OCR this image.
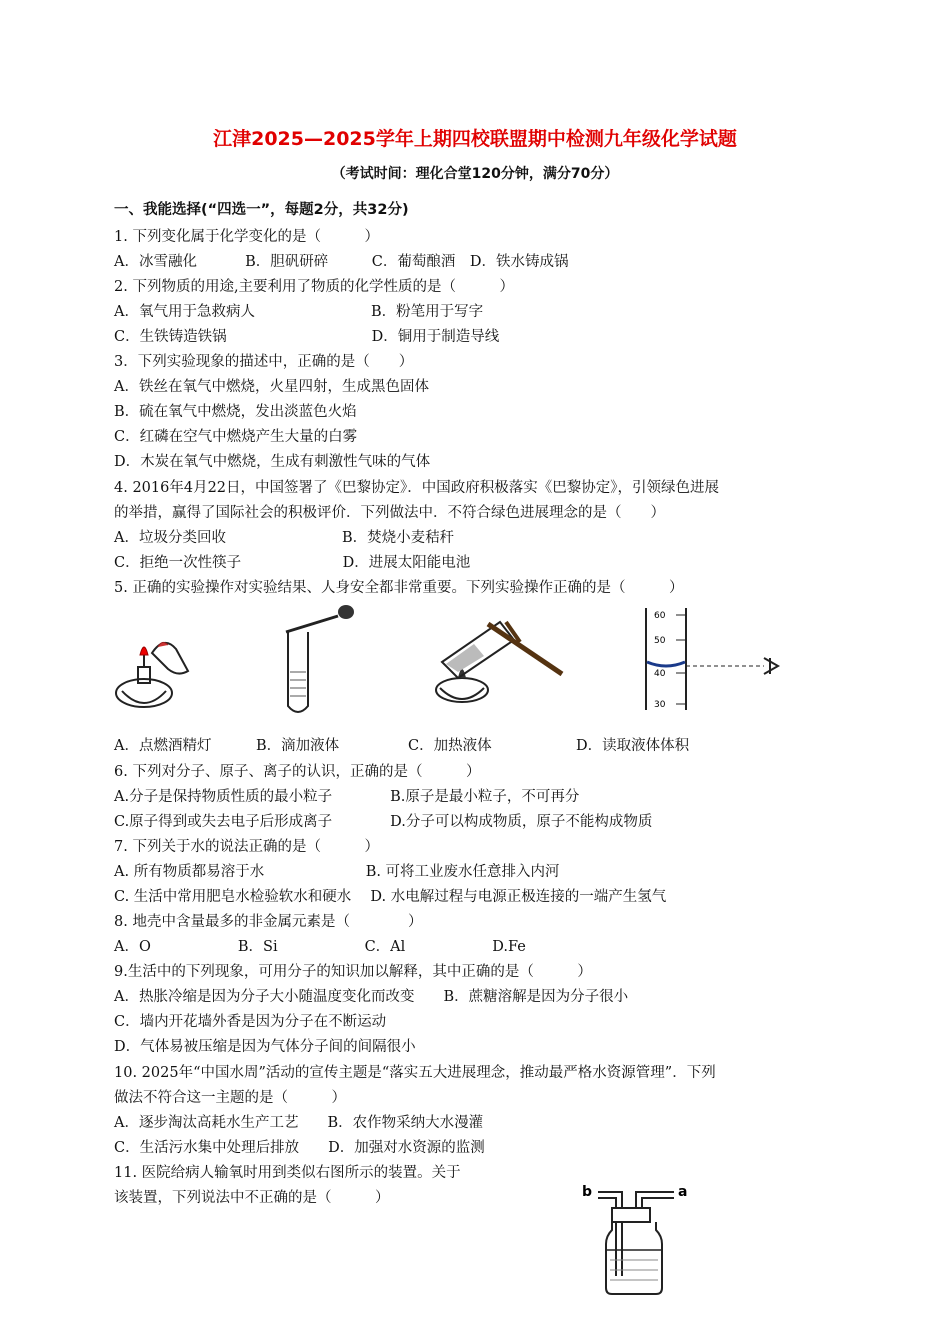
江津2025—2025学年上期四校联盟期中检测九年级化学试题
（考试时间：理化合堂120分钟，满分70分）
一、我能选择(“四选一”，每题2分，共32分)
1. 下列变化属于化学变化的是（　　　）
A．冰雪融化　　　 B．胆矾研碎　　　C．葡萄酿酒　D．铁水铸成锅
2. 下列物质的用途,主要利用了物质的化学性质的是（　　　）
A．氧气用于急救病人　　　　　　　　B．粉笔用于写字
C．生铁铸造铁锅　　　　　　　　　　D．铜用于制造导线
3．下列实验现象的描述中，正确的是（　　）
A．铁丝在氧气中燃烧，火星四射，生成黑色固体
B．硫在氧气中燃烧，发出淡蓝色火焰
C．红磷在空气中燃烧产生大量的白雾
D．木炭在氧气中燃烧，生成有刺激性气味的气体
4. 2016年4月22日，中国签署了《巴黎协定》．中国政府积极落实《巴黎协定》，引领绿色进展
的举措，赢得了国际社会的积极评价．下列做法中．不符合绿色进展理念的是（　　）
A．垃圾分类回收　　　　　　　　B．焚烧小麦秸秆
C．拒绝一次性筷子　　　　　　　D．进展太阳能电池
5. 正确的实验操作对实验结果、人身安全都非常重要。下列实验操作正确的是（　　　）
60
50
40
30
A．点燃酒精灯	B．滴加液体	C．加热液体	D．读取液体体积
6. 下列对分子、原子、离子的认识，正确的是（　　　）
A.分子是保持物质性质的最小粒子　　　　B.原子是最小粒子，不可再分
C.原子得到或失去电子后形成离子　　　　D.分子可以构成物质，原子不能构成物质
7. 下列关于水的说法正确的是（　　　）
A. 所有物质都易溶于水　　　　　　　B. 可将工业废水任意排入内河
C. 生活中常用肥皂水检验软水和硬水　 D. 水电解过程与电源正极连接的一端产生氢气
8. 地壳中含量最多的非金属元素是（　　　　）
A．O　　　　　　B．Si　　　　　　C．Al　　　　　　D.Fe
9.生活中的下列现象，可用分子的知识加以解释，其中正确的是（　　　）
A．热胀冷缩是因为分子大小随温度变化而改变　　B．蔗糖溶解是因为分子很小
C．墙内开花墙外香是因为分子在不断运动
D．气体易被压缩是因为气体分子间的间隔很小
10. 2025年“中国水周”活动的宣传主题是“落实五大进展理念，推动最严格水资源管理”．下列
做法不符合这一主题的是（　　　）
A．逐步淘汰高耗水生产工艺　　B．农作物采纳大水漫灌
C．生活污水集中处理后排放　　D．加强对水资源的监测
11. 医院给病人输氧时用到类似右图所示的装置。关于
该装置，下列说法中不正确的是（　　　）	b	a
